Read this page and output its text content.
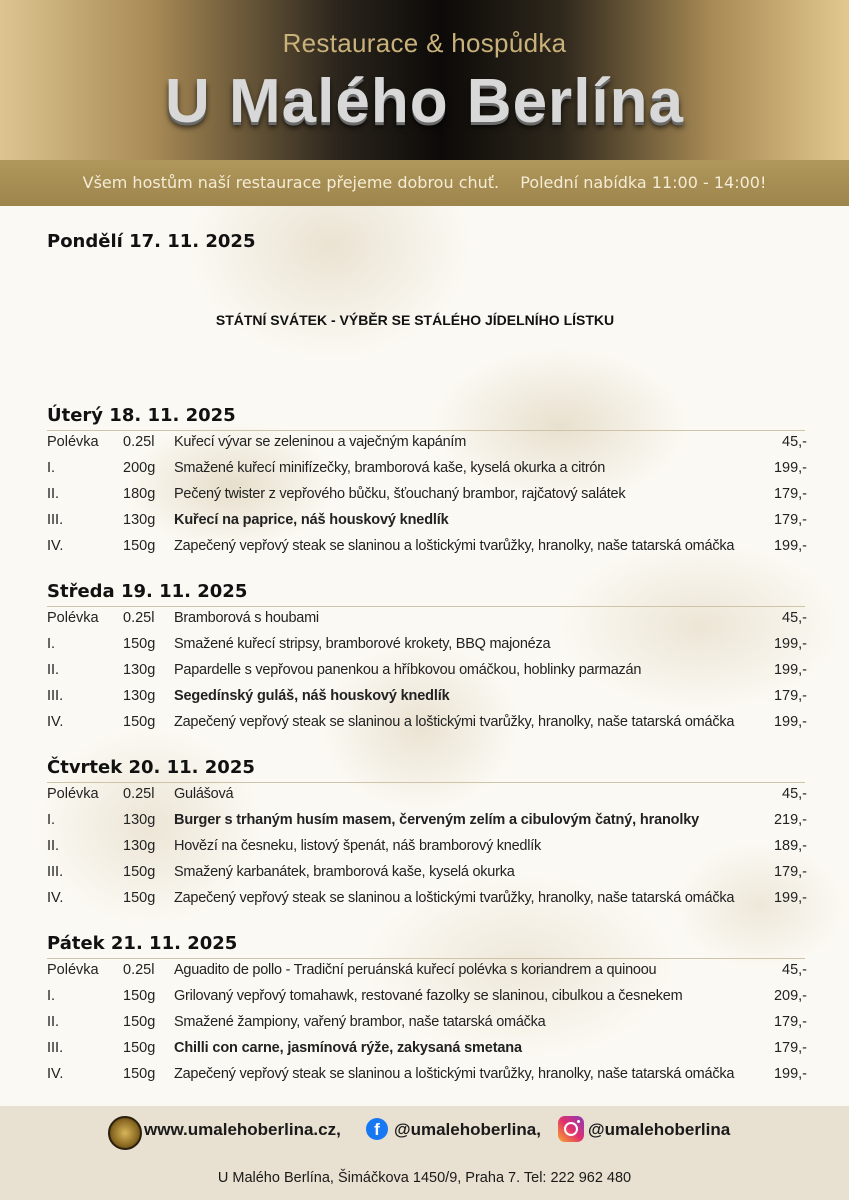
Restaurace & hospůdka
U Malého Berlína
Všem hostům naší restaurace přejeme dobrou chuť. Polední nabídka 11:00 - 14:00!
Pondělí 17. 11. 2025
STÁTNÍ SVÁTEK - VÝBĚR SE STÁLÉHO JÍDELNÍHO LÍSTKU
Úterý 18. 11. 2025
Polévka 0.25l Kuřecí vývar se zeleninou a vaječným kapáním	45,-
I.	200g Smažené kuřecí minifízečky, bramborová kaše, kyselá okurka a citrón	199,-
II.	180g Pečený twister z vepřového bůčku, šťouchaný brambor, rajčatový salátek	179,-
III.	130g Kuřecí na paprice, náš houskový knedlík	179,-
IV.	150g Zapečený vepřový steak se slaninou a loštickými tvarůžky, hranolky, naše tatarská omáčka	199,-
Středa 19. 11. 2025
Polévka 0.25l Bramborová s houbami	45,-
I.	150g Smažené kuřecí stripsy, bramborové krokety, BBQ majonéza	199,-
II.	130g Papardelle s vepřovou panenkou a hříbkovou omáčkou, hoblinky parmazán	199,-
III.	130g Segedínský guláš, náš houskový knedlík	179,-
IV.	150g Zapečený vepřový steak se slaninou a loštickými tvarůžky, hranolky, naše tatarská omáčka	199,-
Čtvrtek 20. 11. 2025
Polévka 0.25l Gulášová	45,-
I.	130g Burger s trhaným husím masem, červeným zelím a cibulovým čatný, hranolky	219,-
II.	130g Hovězí na česneku, listový špenát, náš bramborový knedlík	189,-
III.	150g Smažený karbanátek, bramborová kaše, kyselá okurka	179,-
IV.	150g Zapečený vepřový steak se slaninou a loštickými tvarůžky, hranolky, naše tatarská omáčka	199,-
Pátek 21. 11. 2025
Polévka 0.25l Aguadito de pollo - Tradiční peruánská kuřecí polévka s koriandrem a quinoou	45,-
I.	150g Grilovaný vepřový tomahawk, restované fazolky se slaninou, cibulkou a česnekem	209,-
II.	150g Smažené žampiony, vařený brambor, naše tatarská omáčka	179,-
III.	150g Chilli con carne, jasmínová rýže, zakysaná smetana	179,-
IV.	150g Zapečený vepřový steak se slaninou a loštickými tvarůžky, hranolky, naše tatarská omáčka	199,-
www.umalehoberlina.cz,	f @umalehoberlina,	@umalehoberlina
U Malého Berlína, Šimáčkova 1450/9, Praha 7. Tel: 222 962 480
